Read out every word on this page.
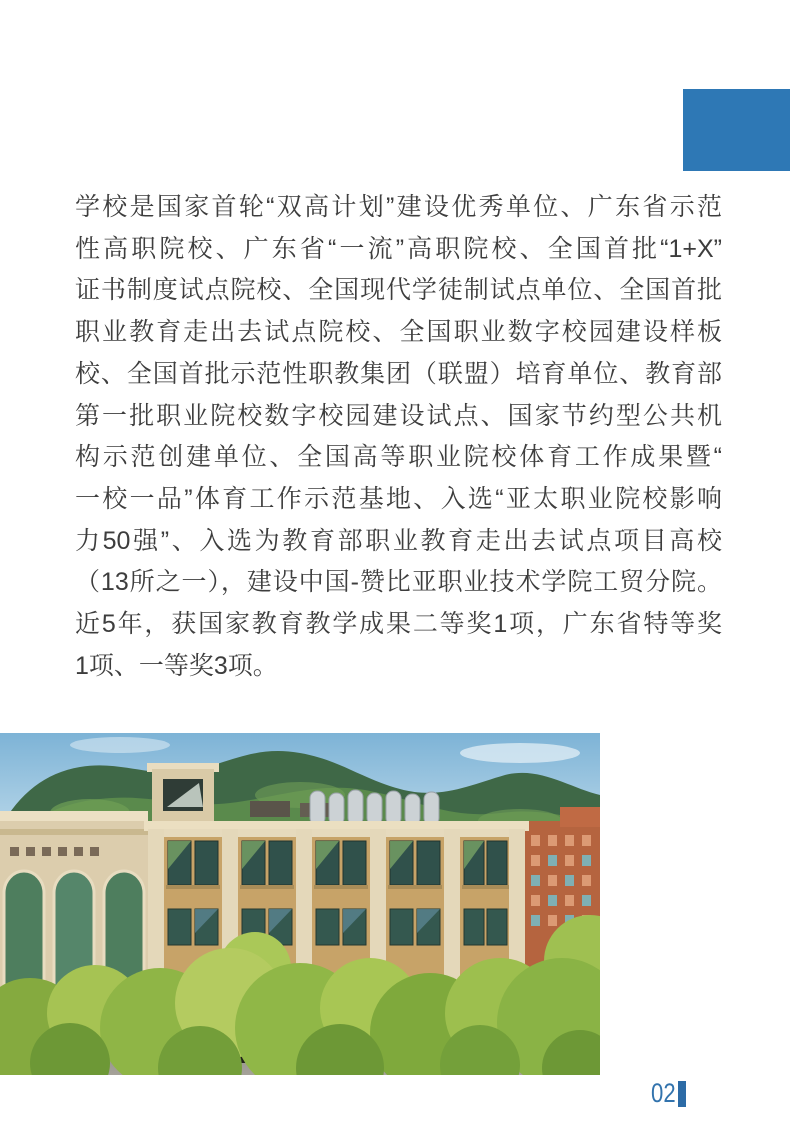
学校是国家首轮“双高计划”建设优秀单位、广东省示范
性高职院校、广东省“一流”高职院校、全国首批“1+X”
证书制度试点院校、全国现代学徒制试点单位、全国首批
职业教育走出去试点院校、全国职业数字校园建设样板
校、全国首批示范性职教集团（联盟）培育单位、教育部
第一批职业院校数字校园建设试点、国家节约型公共机
构示范创建单位、全国高等职业院校体育工作成果暨“
一校一品”体育工作示范基地、入选“亚太职业院校影响
力50强”、入选为教育部职业教育走出去试点项目高校
（13所之一），建设中国-赞比亚职业技术学院工贸分院。
近5年，获国家教育教学成果二等奖1项，广东省特等奖
1项、一等奖3项。
02
